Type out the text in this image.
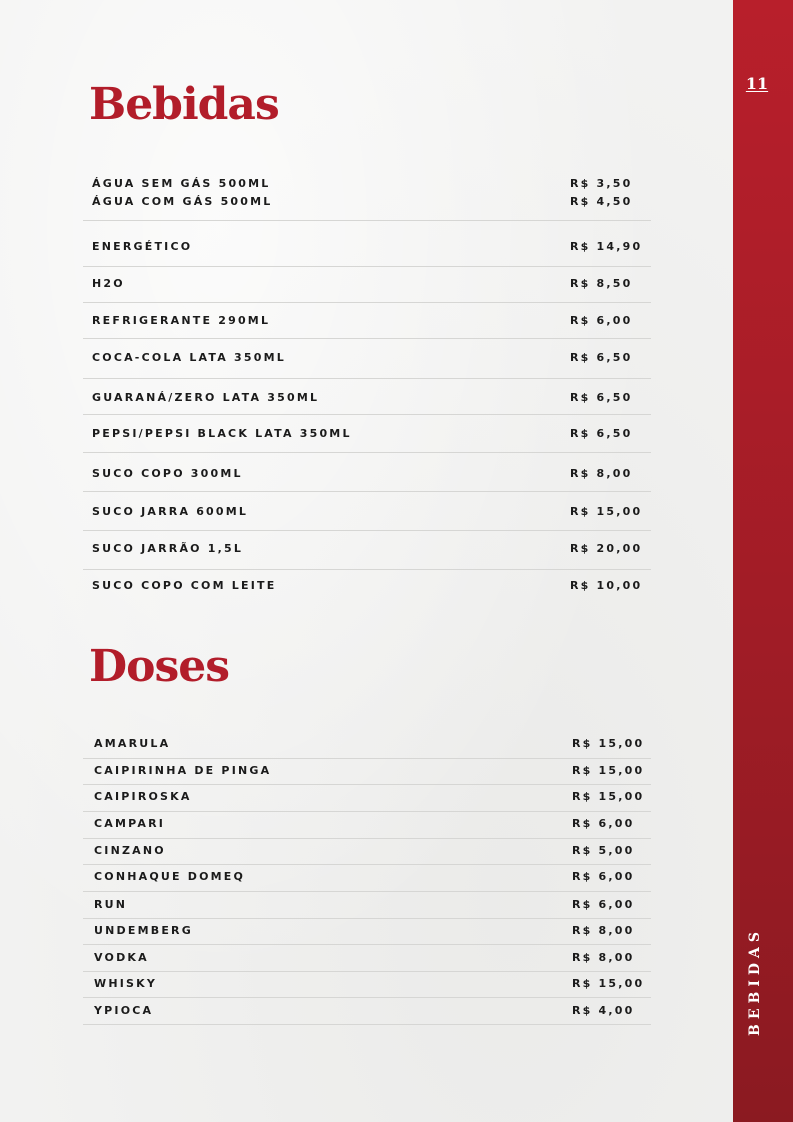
11
BEBIDAS
Bebidas
ÁGUA SEM GÁS 500ML	R$ 3,50
ÁGUA COM GÁS 500ML	R$ 4,50
ENERGÉTICO	R$ 14,90
H2O	R$ 8,50
REFRIGERANTE 290ML	R$ 6,00
COCA-COLA LATA 350ML	R$ 6,50
GUARANÁ/ZERO LATA 350ML	R$ 6,50
PEPSI/PEPSI BLACK LATA 350ML	R$ 6,50
SUCO COPO 300ML	R$ 8,00
SUCO JARRA 600ML	R$ 15,00
SUCO JARRÃO 1,5L	R$ 20,00
SUCO COPO COM LEITE	R$ 10,00
Doses
AMARULA	R$ 15,00
CAIPIRINHA DE PINGA	R$ 15,00
CAIPIROSKA	R$ 15,00
CAMPARI	R$ 6,00
CINZANO	R$ 5,00
CONHAQUE DOMEQ	R$ 6,00
RUN	R$ 6,00
UNDEMBERG	R$ 8,00
VODKA	R$ 8,00
WHISKY	R$ 15,00
YPIOCA	R$ 4,00
